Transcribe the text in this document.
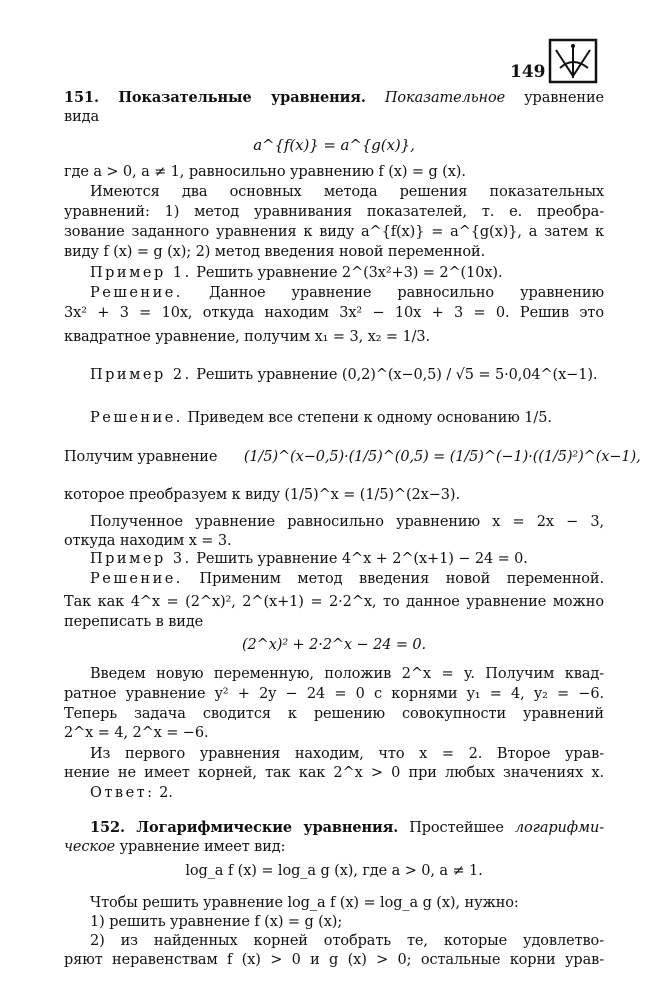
149
151. Показательные уравнения. Показательное уравнение
вида
a^{f(x)} = a^{g(x)},
где a > 0, a ≠ 1, равносильно уравнению f (x) = g (x).
Имеются два основных метода решения показательных
уравнений: 1) метод уравнивания показателей, т. е. преобра-
зование заданного уравнения к виду a^{f(x)} = a^{g(x)}, а затем к
виду f (x) = g (x); 2) метод введения новой переменной.
Пример 1. Решить уравнение 2^(3x²+3) = 2^(10x).
Решение. Данное уравнение равносильно уравнению
3x² + 3 = 10x, откуда находим 3x² − 10x + 3 = 0. Решив это
квадратное уравнение, получим x₁ = 3, x₂ = 1/3.
Пример 2. Решить уравнение (0,2)^(x−0,5) / √5 = 5·0,04^(x−1).
Решение. Приведем все степени к одному основанию 1/5.
Получим уравнение (1/5)^(x−0,5)·(1/5)^(0,5) = (1/5)^(−1)·((1/5)²)^(x−1),
которое преобразуем к виду (1/5)^x = (1/5)^(2x−3).
Полученное уравнение равносильно уравнению x = 2x − 3,
откуда находим x = 3.
Пример 3. Решить уравнение 4^x + 2^(x+1) − 24 = 0.
Решение. Применим метод введения новой переменной.
Так как 4^x = (2^x)², 2^(x+1) = 2·2^x, то данное уравнение можно
переписать в виде
(2^x)² + 2·2^x − 24 = 0.
Введем новую переменную, положив 2^x = y. Получим квад-
ратное уравнение y² + 2y − 24 = 0 с корнями y₁ = 4, y₂ = −6.
Теперь задача сводится к решению совокупности уравнений
2^x = 4, 2^x = −6.
Из первого уравнения находим, что x = 2. Второе урав-
нение не имеет корней, так как 2^x > 0 при любых значениях x.
Ответ: 2.
152. Логарифмические уравнения. Простейшее логарифми-
ческое уравнение имеет вид:
log_a f (x) = log_a g (x), где a > 0, a ≠ 1.
Чтобы решить уравнение log_a f (x) = log_a g (x), нужно:
1) решить уравнение f (x) = g (x);
2) из найденных корней отобрать те, которые удовлетво-
ряют неравенствам f (x) > 0 и g (x) > 0; остальные корни урав-
